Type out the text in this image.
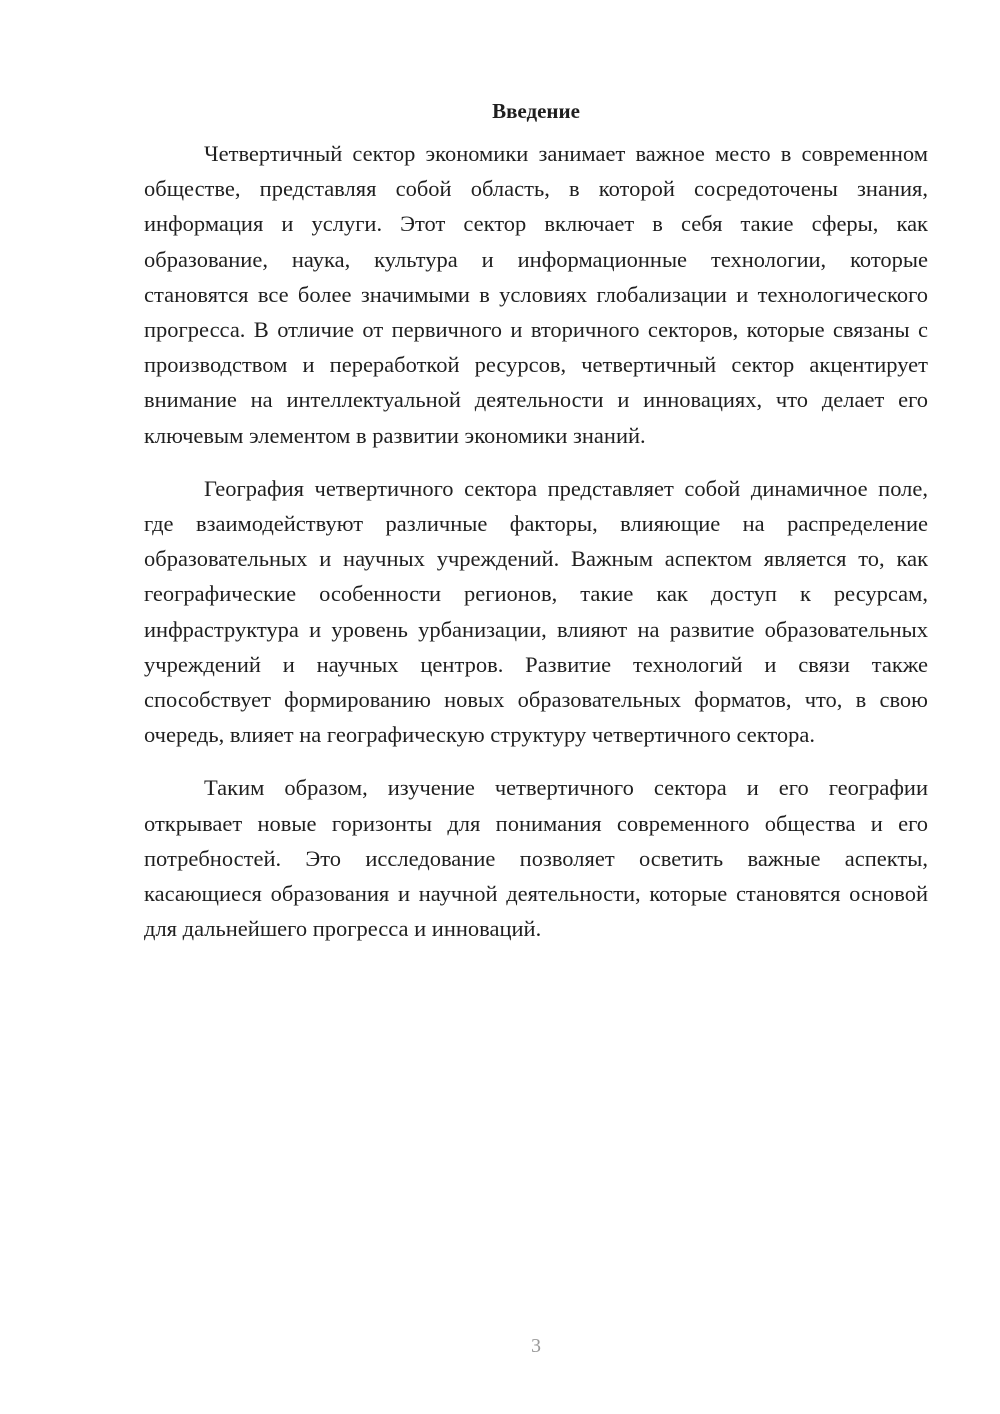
Введение

Четвертичный сектор экономики занимает важное место в современном обществе, представляя собой область, в которой сосредоточены знания, информация и услуги. Этот сектор включает в себя такие сферы, как образование, наука, культура и информационные технологии, которые становятся все более значимыми в условиях глобализации и технологического прогресса. В отличие от первичного и вторичного секторов, которые связаны с производством и переработкой ресурсов, четвертичный сектор акцентирует внимание на интеллектуальной деятельности и инновациях, что делает его ключевым элементом в развитии экономики знаний.

География четвертичного сектора представляет собой динамичное поле, где взаимодействуют различные факторы, влияющие на распределение образовательных и научных учреждений. Важным аспектом является то, как географические особенности регионов, такие как доступ к ресурсам, инфраструктура и уровень урбанизации, влияют на развитие образовательных учреждений и научных центров. Развитие технологий и связи также способствует формированию новых образовательных форматов, что, в свою очередь, влияет на географическую структуру четвертичного сектора.

Таким образом, изучение четвертичного сектора и его географии открывает новые горизонты для понимания современного общества и его потребностей. Это исследование позволяет осветить важные аспекты, касающиеся образования и научной деятельности, которые становятся основой для дальнейшего прогресса и инноваций.

3
